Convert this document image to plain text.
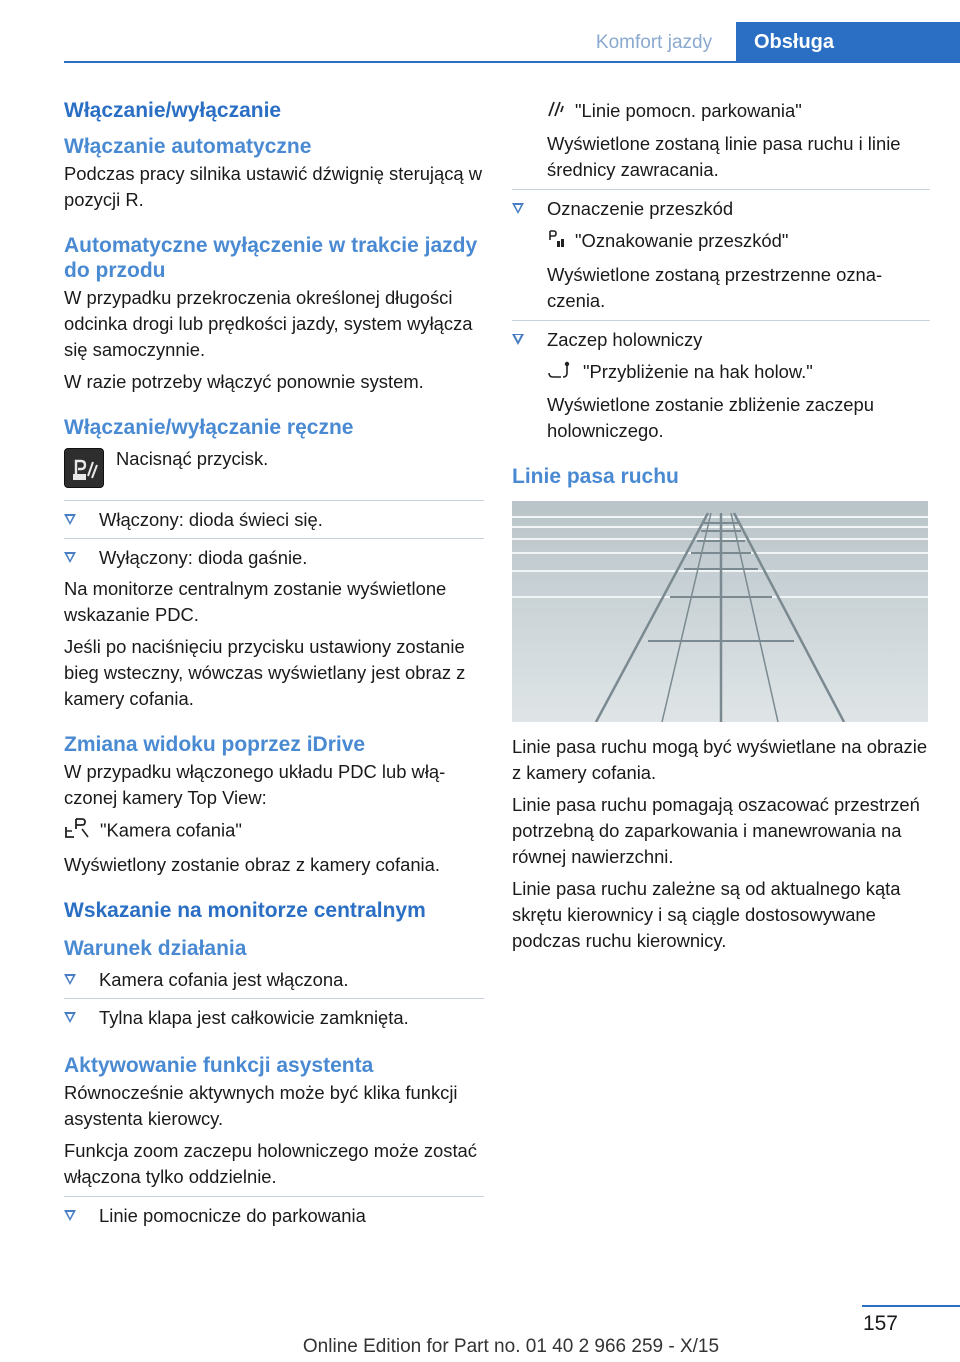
Komfort jazdy	Obsługa
Włączanie/wyłączanie
Włączanie automatyczne
Podczas pracy silnika ustawić dźwignię sterującą w pozycji R.
Automatyczne wyłączenie w trakcie jazdy do przodu
W przypadku przekroczenia określonej długości odcinka drogi lub prędkości jazdy, system wyłącza się samoczynnie.
W razie potrzeby włączyć ponownie system.
Włączanie/wyłączanie ręczne
Nacisnąć przycisk.
Włączony: dioda świeci się.
Wyłączony: dioda gaśnie.
Na monitorze centralnym zostanie wyświetlone wskazanie PDC.
Jeśli po naciśnięciu przycisku ustawiony zostanie bieg wsteczny, wówczas wyświetlany jest obraz z kamery cofania.
Zmiana widoku poprzez iDrive
W przypadku włączonego układu PDC lub włączonej kamery Top View:
"Kamera cofania"
Wyświetlony zostanie obraz z kamery cofania.
Wskazanie na monitorze centralnym
Warunek działania
Kamera cofania jest włączona.
Tylna klapa jest całkowicie zamknięta.
Aktywowanie funkcji asystenta
Równocześnie aktywnych może być klika funkcji asystenta kierowcy.
Funkcja zoom zaczepu holowniczego może zostać włączona tylko oddzielnie.
Linie pomocnicze do parkowania
"Linie pomocn. parkowania"
Wyświetlone zostaną linie pasa ruchu i linie średnicy zawracania.
Oznaczenie przeszkód
"Oznakowanie przeszkód"
Wyświetlone zostaną przestrzenne oznaczenia.
Zaczep holowniczy
"Przybliżenie na hak holow."
Wyświetlone zostanie zbliżenie zaczepu holowniczego.
Linie pasa ruchu
Linie pasa ruchu mogą być wyświetlane na obrazie z kamery cofania.
Linie pasa ruchu pomagają oszacować przestrzeń potrzebną do zaparkowania i manewrowania na równej nawierzchni.
Linie pasa ruchu zależne są od aktualnego kąta skrętu kierownicy i są ciągle dostosowywane podczas ruchu kierownicy.
157
Online Edition for Part no. 01 40 2 966 259 - X/15
